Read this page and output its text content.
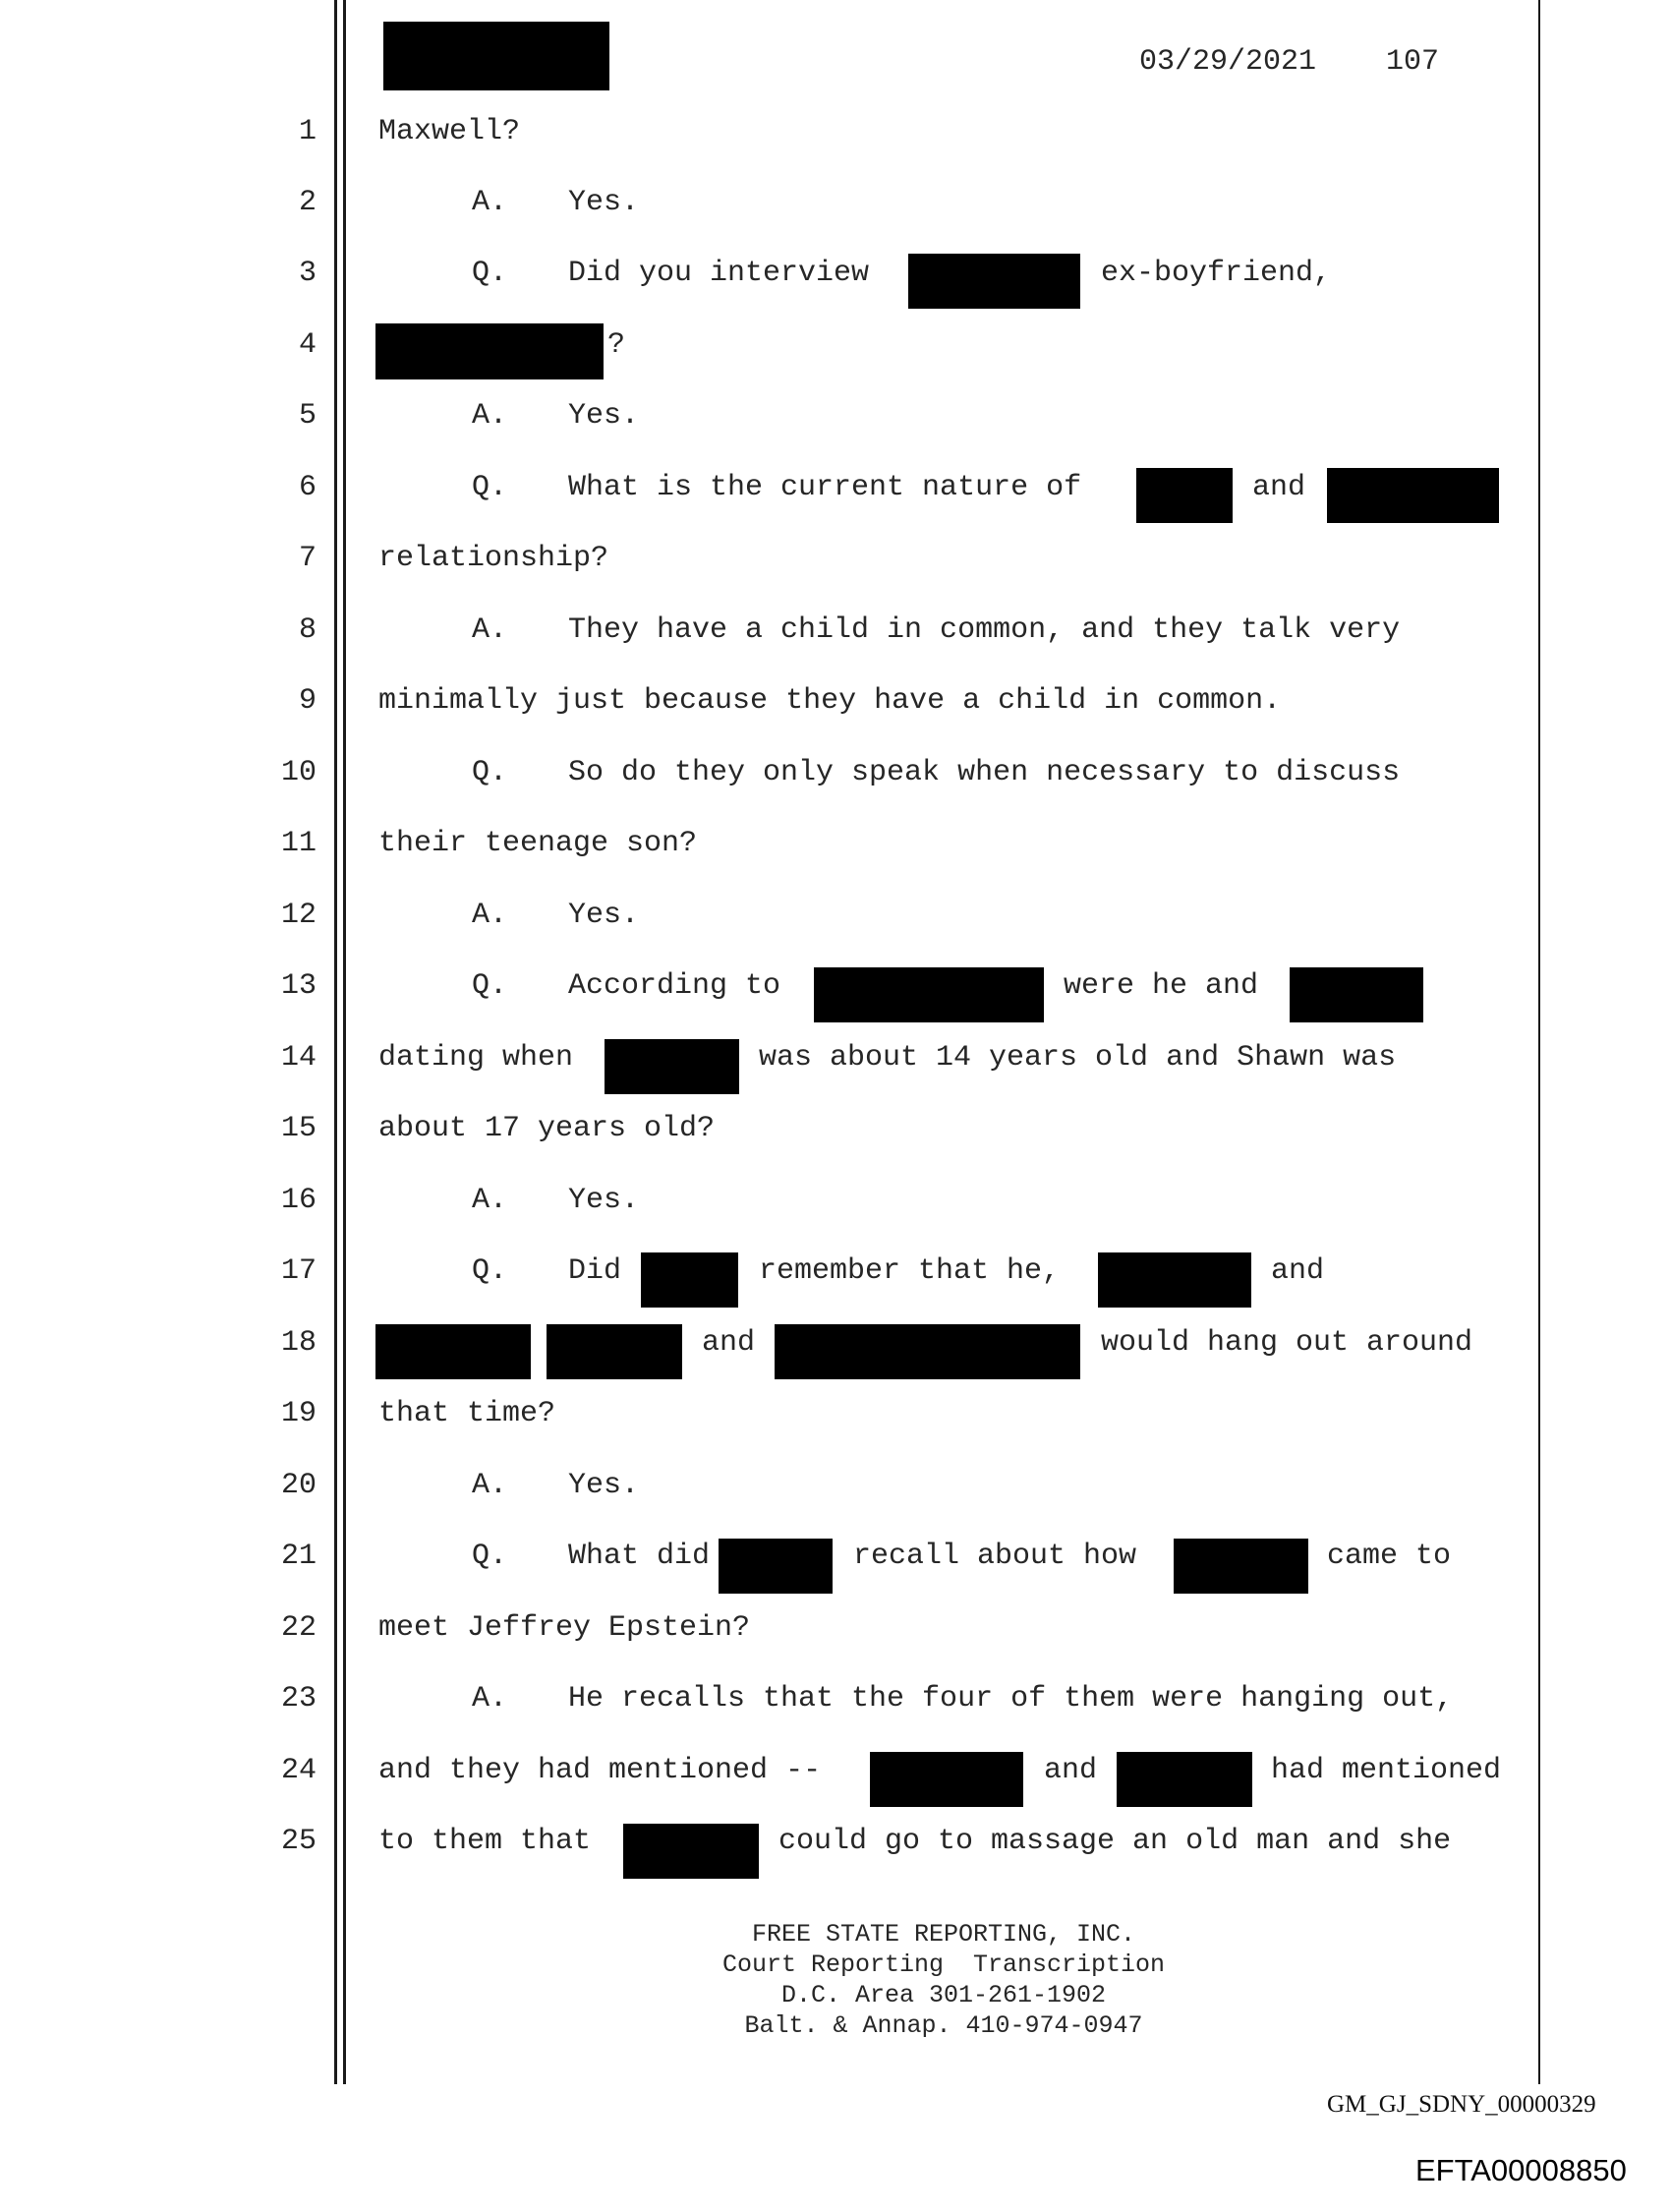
03/29/2021 107
1
2
3
4
5
6
7
8
9
10
11
12
13
14
15
16
17
18
19
20
21
22
23
24
25
Maxwell?
A. Yes.
Q. Did you interview	ex-boyfriend,
?
A. Yes.
Q. What is the current nature of	and
relationship?
A. They have a child in common, and they talk very
minimally just because they have a child in common.
Q. So do they only speak when necessary to discuss
their teenage son?
A. Yes.
Q. According to	were he and
dating when	was about 14 years old and Shawn was
about 17 years old?
A. Yes.
Q. Did	remember that he,	and
and	would hang out around
that time?
A. Yes.
Q. What did	recall about how	came to
meet Jeffrey Epstein?
A. He recalls that the four of them were hanging out,
and they had mentioned --	and	had mentioned
to them that	could go to massage an old man and she
FREE STATE REPORTING, INC.
Court Reporting  Transcription
D.C. Area 301-261-1902
Balt. & Annap. 410-974-0947
GM_GJ_SDNY_00000329
EFTA00008850
